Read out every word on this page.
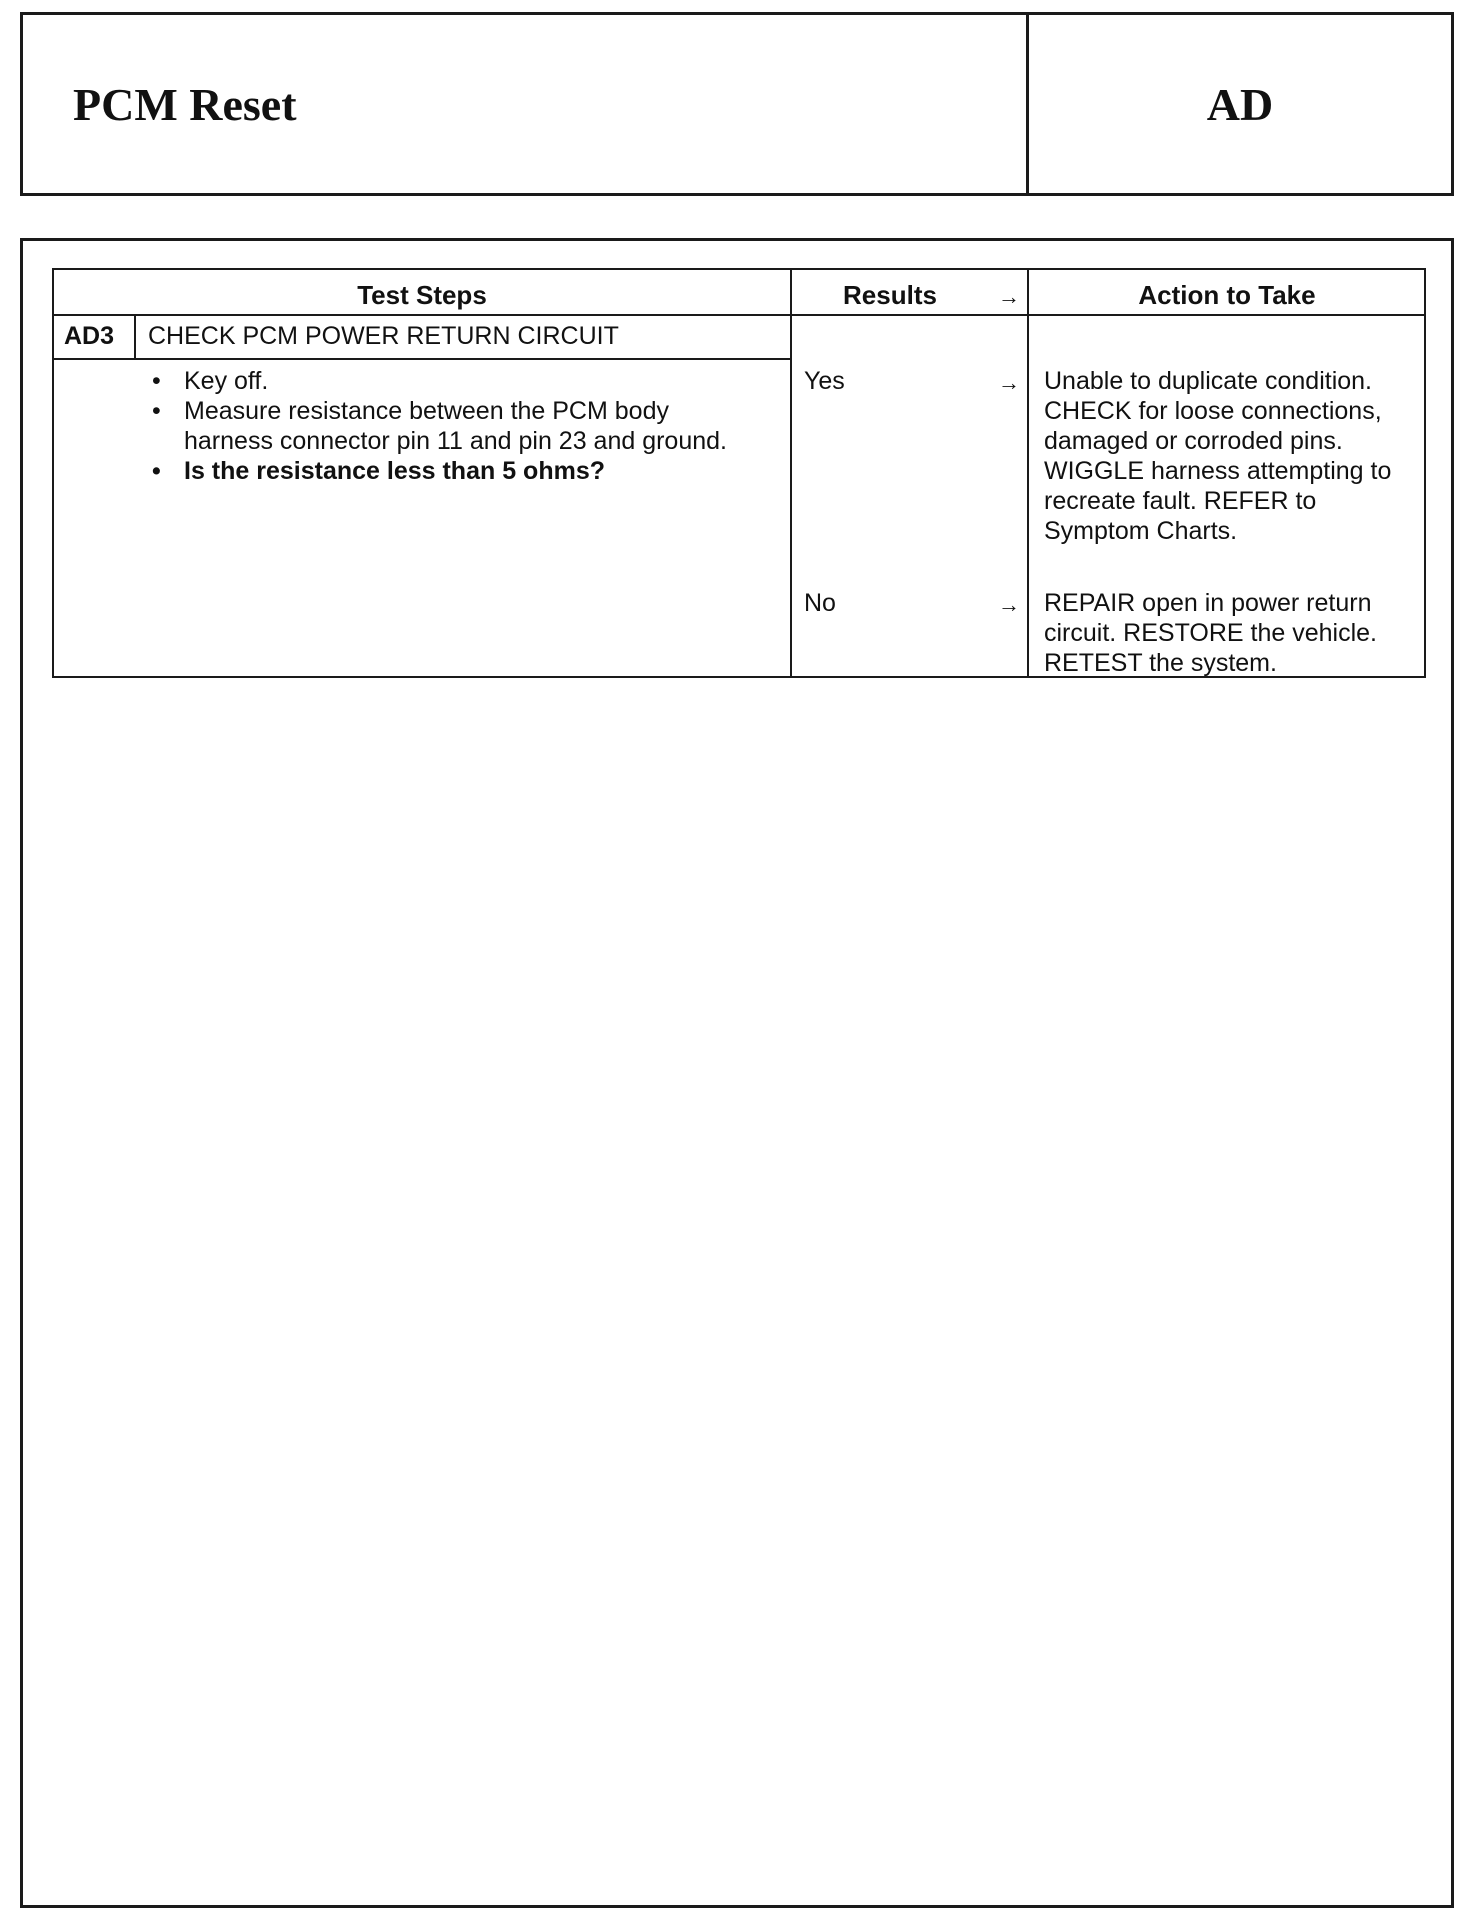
PCM Reset	AD
Test Steps	Results	→	Action to Take
AD3 CHECK PCM POWER RETURN CIRCUIT
• Key off.
• Measure resistance between the PCM body harness connector pin 11 and pin 23 and ground.
• Is the resistance less than 5 ohms?
Yes	→ Unable to duplicate condition. CHECK for loose connections, damaged or corroded pins. WIGGLE harness attempting to recreate fault. REFER to Symptom Charts.
No	→ REPAIR open in power return circuit. RESTORE the vehicle. RETEST the system.
